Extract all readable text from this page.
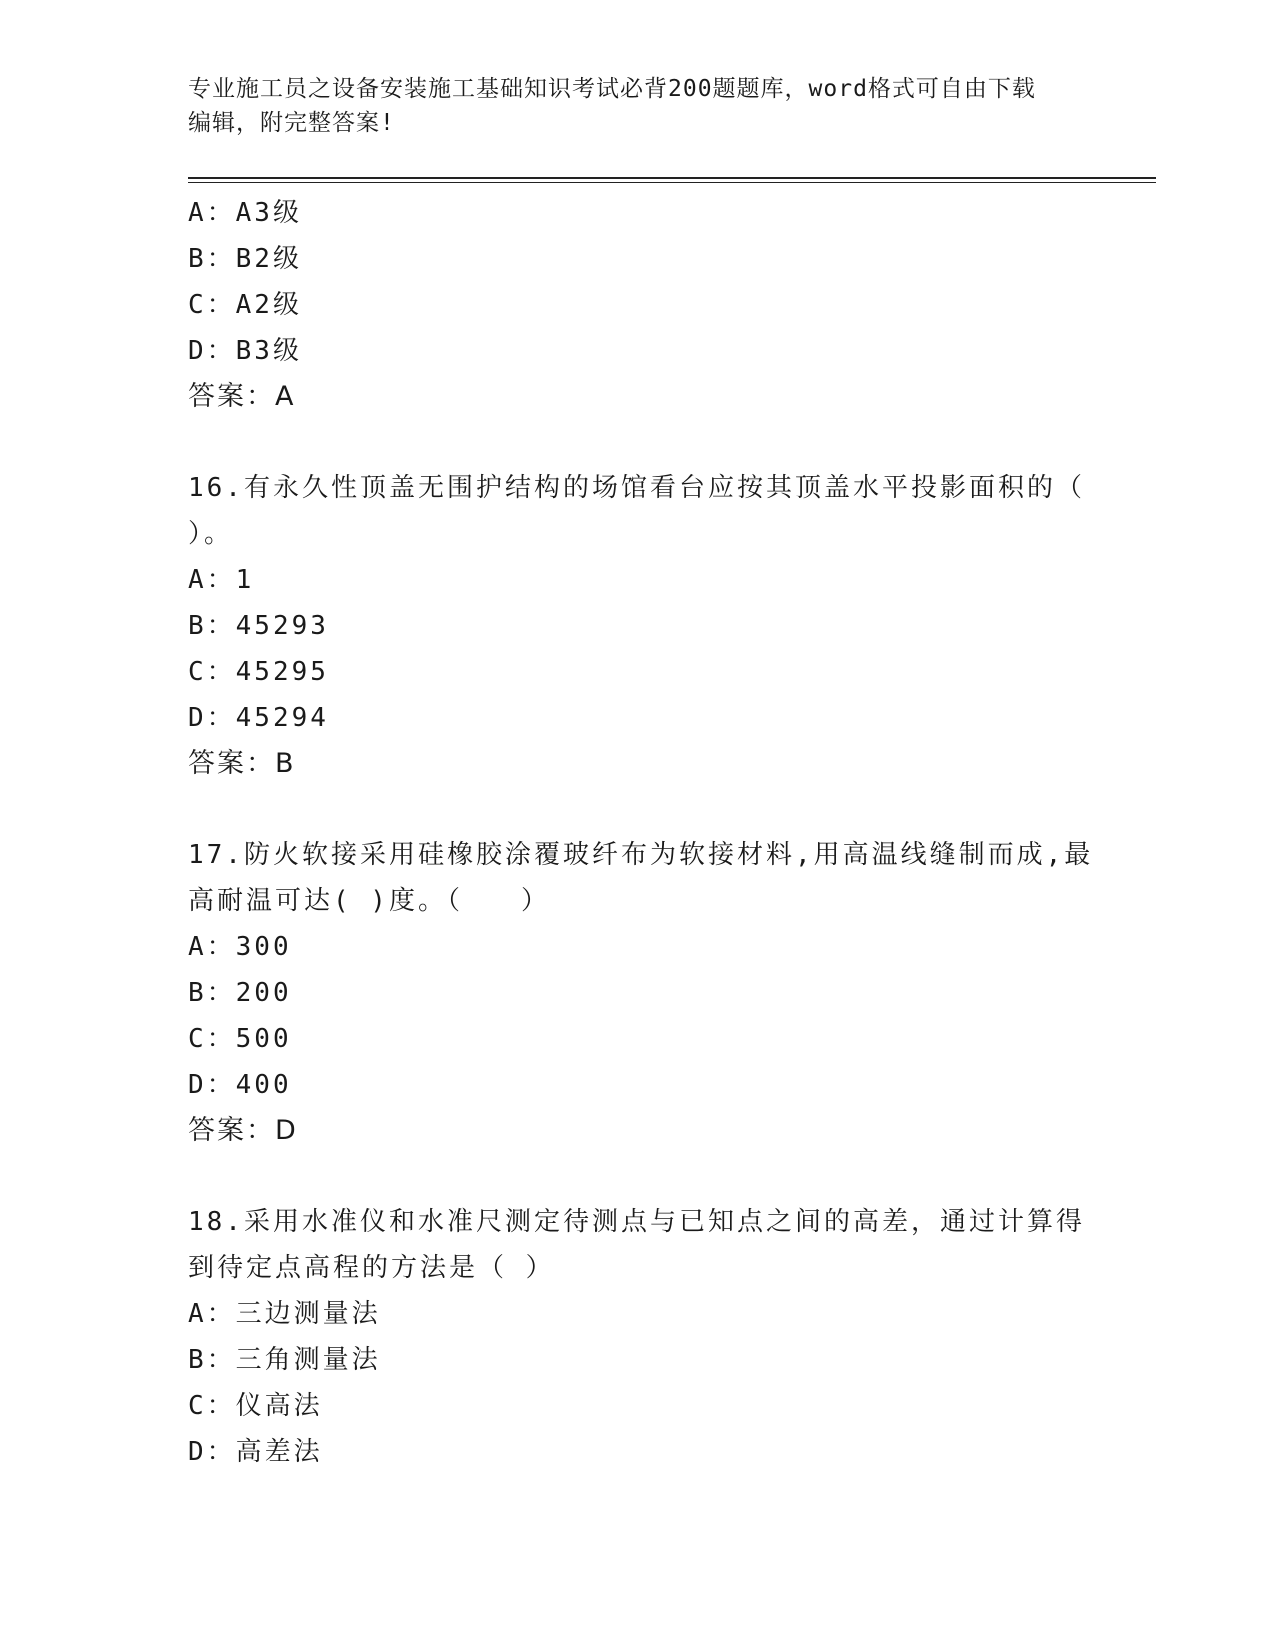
专业施工员之设备安装施工基础知识考试必背200题题库，word格式可自由下载
编辑，附完整答案!
A：A3级
B：B2级
C：A2级
D：B3级
答案：A
16.有永久性顶盖无围护结构的场馆看台应按其顶盖水平投影面积的（
）。
A：1
B：45293
C：45295
D：45294
答案：B
17.防火软接采用硅橡胶涂覆玻纤布为软接材料,用高温线缝制而成,最
高耐温可达( )度。（　　）
A：300
B：200
C：500
D：400
答案：D
18.采用水准仪和水准尺测定待测点与已知点之间的高差，通过计算得
到待定点高程的方法是（ ）
A：三边测量法
B：三角测量法
C：仪高法
D：高差法
